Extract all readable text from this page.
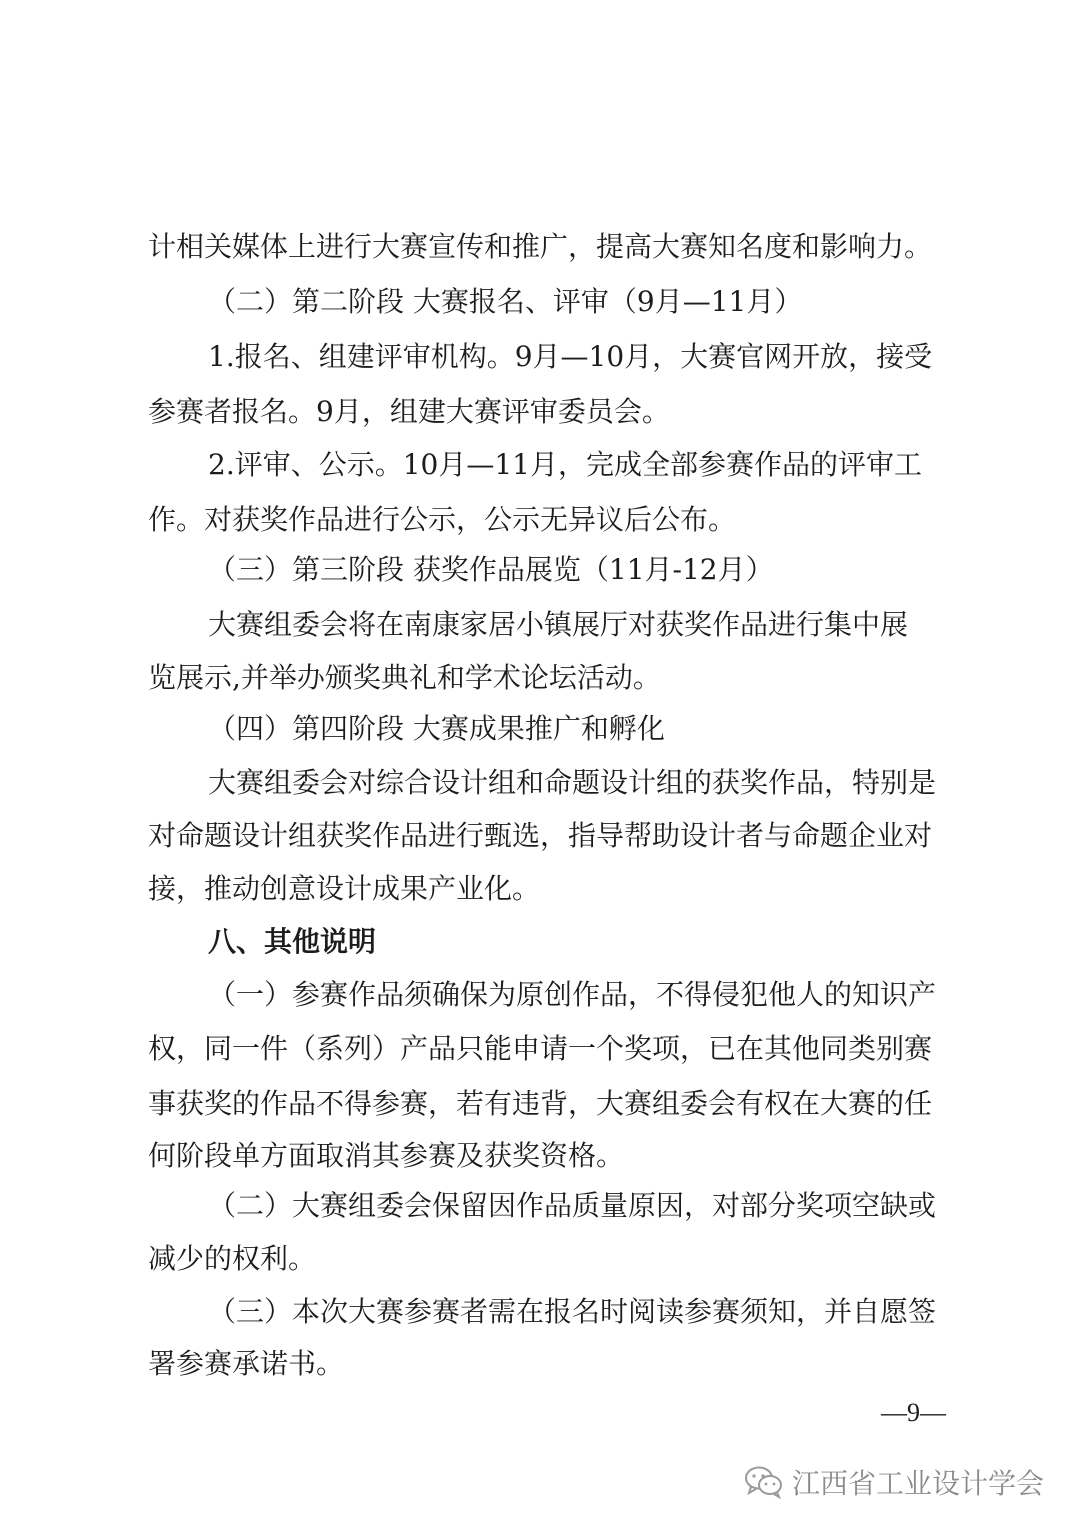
计相关媒体上进行大赛宣传和推广，提高大赛知名度和影响力。
（二）第二阶段 大赛报名、评审（9月—11月）
1.报名、组建评审机构。9月—10月，大赛官网开放，接受
参赛者报名。9月，组建大赛评审委员会。
2.评审、公示。10月—11月，完成全部参赛作品的评审工
作。对获奖作品进行公示，公示无异议后公布。
（三）第三阶段 获奖作品展览（11月-12月）
大赛组委会将在南康家居小镇展厅对获奖作品进行集中展
览展示,并举办颁奖典礼和学术论坛活动。
（四）第四阶段 大赛成果推广和孵化
大赛组委会对综合设计组和命题设计组的获奖作品，特别是
对命题设计组获奖作品进行甄选，指导帮助设计者与命题企业对
接，推动创意设计成果产业化。
八、其他说明
（一）参赛作品须确保为原创作品，不得侵犯他人的知识产
权，同一件（系列）产品只能申请一个奖项，已在其他同类别赛
事获奖的作品不得参赛，若有违背，大赛组委会有权在大赛的任
何阶段单方面取消其参赛及获奖资格。
（二）大赛组委会保留因作品质量原因，对部分奖项空缺或
减少的权利。
（三）本次大赛参赛者需在报名时阅读参赛须知，并自愿签
署参赛承诺书。
—9—
江西省工业设计学会
